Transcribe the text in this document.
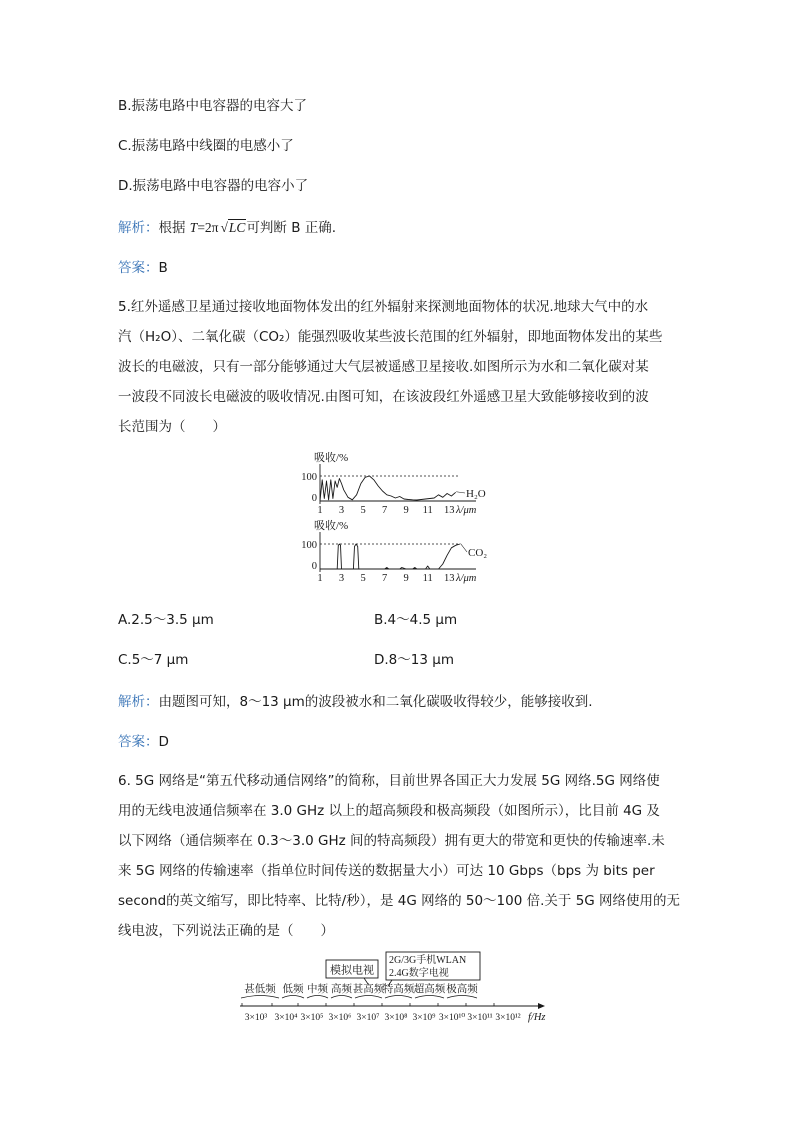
B.振荡电路中电容器的电容大了
C.振荡电路中线圈的电感小了
D.振荡电路中电容器的电容小了
解析：根据 T=2π √LC可判断 B 正确.
答案：B
5.红外遥感卫星通过接收地面物体发出的红外辐射来探测地面物体的状况.地球大气中的水
汽（H₂O）、二氧化碳（CO₂）能强烈吸收某些波长范围的红外辐射，即地面物体发出的某些
波长的电磁波，只有一部分能够通过大气层被遥感卫星接收.如图所示为水和二氧化碳对某
一波段不同波长电磁波的吸收情况.由图可知，在该波段红外遥感卫星大致能够接收到的波
长范围为（　　）
吸收/%
100
0
1 3 5 7 9 11 13 λ/μm
H₂O
吸收/%
100
0
1 3 5 7 9 11 13 λ/μm
CO₂
A.2.5～3.5 μm	B.4～4.5 μm
C.5～7 μm	D.8～13 μm
解析：由题图可知，8～13 μm的波段被水和二氧化碳吸收得较少，能够接收到.
答案：D
6. 5G 网络是“第五代移动通信网络”的简称，目前世界各国正大力发展 5G 网络.5G 网络使
用的无线电波通信频率在 3.0 GHz 以上的超高频段和极高频段（如图所示），比目前 4G 及
以下网络（通信频率在 0.3～3.0 GHz 间的特高频段）拥有更大的带宽和更快的传输速率.未
来 5G 网络的传输速率（指单位时间传送的数据量大小）可达 10 Gbps（bps 为 bits per
second的英文缩写，即比特率、比特/秒），是 4G 网络的 50～100 倍.关于 5G 网络使用的无
线电波，下列说法正确的是（　　）
模拟电视
2G/3G手机WLAN
2.4G数字电视
甚低频 低频 中频 高频 甚高频
特高频 超高频 极高频
3×10³ 3×10⁴ 3×10⁵ 3×10⁶ 3×10⁷ 3×10⁸ 3×10⁹ 3×10¹⁰ 3×10¹¹ 3×10¹² f/Hz
